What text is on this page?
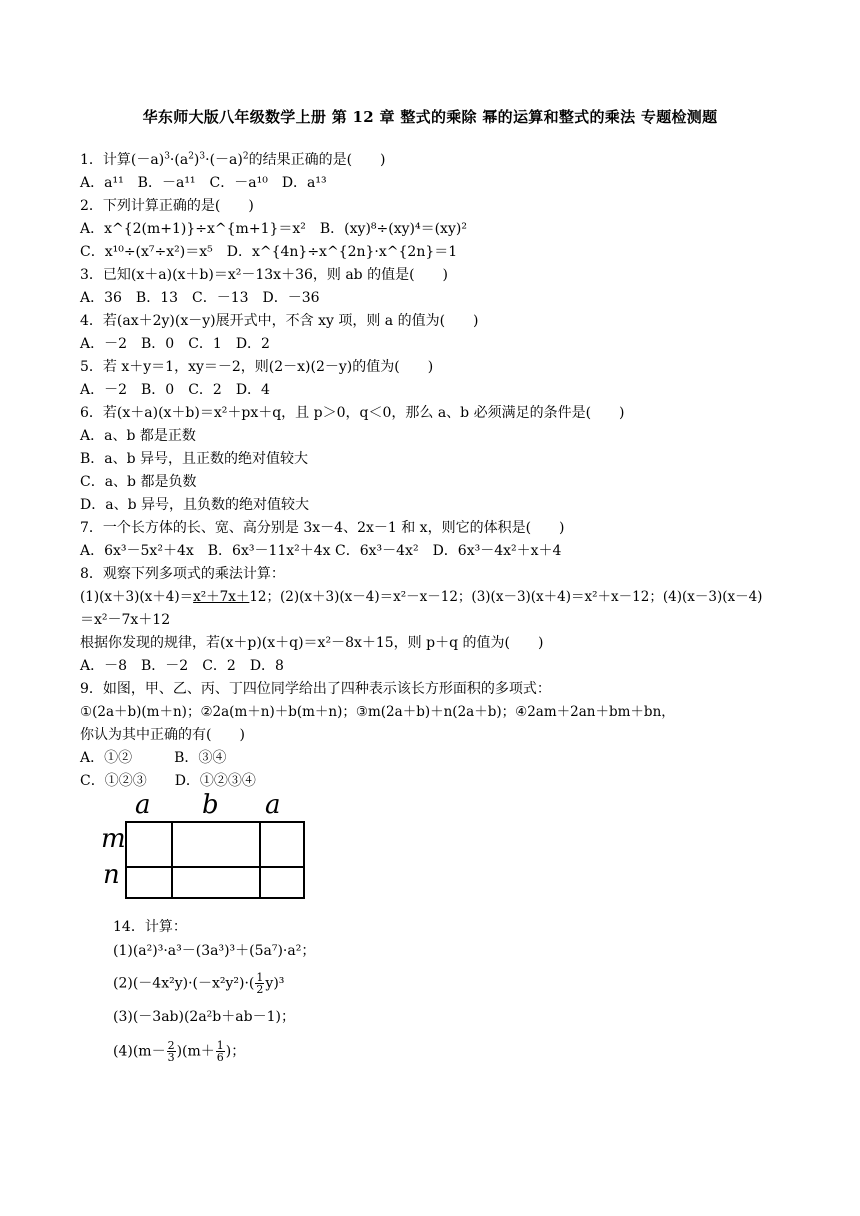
华东师大版八年级数学上册 第 12 章 整式的乘除 幂的运算和整式的乘法 专题检测题
1．计算$(-a)^3\cdot(a^2)^3\cdot(-a)^2$的结果正确的是(　　)
A．a¹¹　B．－a¹¹　C．－a¹⁰　D．a¹³
2．下列计算正确的是(　　)
A．x^{2(m+1)}÷x^{m+1}＝x²　B．(xy)⁸÷(xy)⁴＝(xy)²
C．x¹⁰÷(x⁷÷x²)＝x⁵　D．x^{4n}÷x^{2n}·x^{2n}＝1
3．已知(x＋a)(x＋b)＝x²－13x＋36，则 ab 的值是(　　)
A．36　B．13　C．－13　D．－36
4．若(ax＋2y)(x－y)展开式中，不含 xy 项，则 a 的值为(　　)
A．－2　B．0　C．1　D．2
5．若 x＋y＝1，xy＝－2，则(2－x)(2－y)的值为(　　)
A．－2　B．0　C．2　D．4
6．若(x＋a)(x＋b)＝x²＋px＋q，且 p＞0，q＜0，那么 a、b 必须满足的条件是(　　)
A．a、b 都是正数
B．a、b 异号，且正数的绝对值较大
C．a、b 都是负数
D．a、b 异号，且负数的绝对值较大
7．一个长方体的长、宽、高分别是 3x－4、2x－1 和 x，则它的体积是(　　)
A．6x³－5x²＋4x　B．6x³－11x²＋4x C．6x³－4x²　D．6x³－4x²＋x＋4
8．观察下列多项式的乘法计算：
(1)(x＋3)(x＋4)＝x²＋7x＋12；(2)(x＋3)(x－4)＝x²－x－12；(3)(x－3)(x＋4)＝x²＋x－12；(4)(x－3)(x－4)
＝x²－7x＋12
根据你发现的规律，若(x＋p)(x＋q)＝x²－8x＋15，则 p＋q 的值为(　　)
A．－8　B．－2　C．2　D．8
9．如图，甲、乙、丙、丁四位同学给出了四种表示该长方形面积的多项式：
①(2a＋b)(m＋n)；②2a(m＋n)＋b(m＋n)；③m(2a＋b)＋n(2a＋b)；④2am＋2an＋bm＋bn，
你认为其中正确的有(　　)
A．①②　　　B．③④
C．①②③　　D．①②③④
a b a
m
n
14．计算：
(1)(a²)³·a³－(3a³)³＋(5a⁷)·a²；
$(2)(-4x^2y)\cdot(-x^2y^2)\cdot( \frac{1}{2} y)^3$
(3)(－3ab)(2a²b＋ab－1)；
$(4)(m- \frac{2}{3} )(m+ \frac{1}{6}$ )；
